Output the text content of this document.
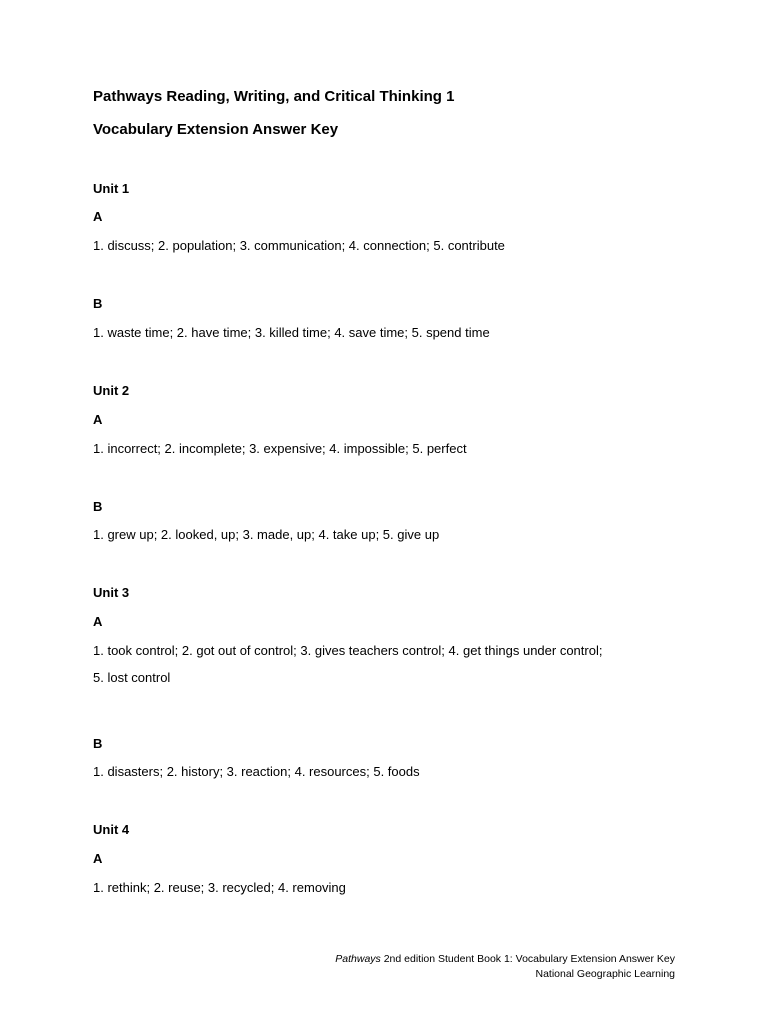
Pathways Reading, Writing, and Critical Thinking 1
Vocabulary Extension Answer Key
Unit 1
A
1. discuss; 2. population; 3. communication; 4. connection; 5. contribute
B
1. waste time; 2. have time; 3. killed time; 4. save time; 5. spend time
Unit 2
A
1. incorrect; 2. incomplete; 3. expensive; 4. impossible; 5. perfect
B
1. grew up; 2. looked, up; 3. made, up; 4. take up; 5. give up
Unit 3
A
1. took control; 2. got out of control; 3. gives teachers control; 4. get things under control;
5. lost control
B
1. disasters; 2. history; 3. reaction; 4. resources; 5. foods
Unit 4
A
1. rethink; 2. reuse; 3. recycled; 4. removing
Pathways 2nd edition Student Book 1: Vocabulary Extension Answer Key
National Geographic Learning
